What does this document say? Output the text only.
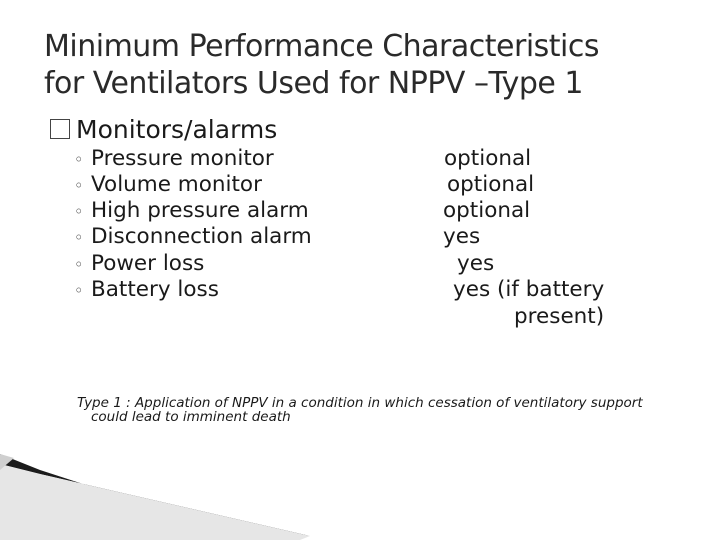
Minimum Performance Characteristics
for Ventilators Used for NPPV –Type 1
Monitors/alarms
◦ Pressure monitor
◦ Volume monitor
◦ High pressure alarm
◦ Disconnection alarm
◦ Power loss
◦ Battery loss
optional
optional
optional
yes
yes
yes (if battery
present)
Type 1 : Application of NPPV in a condition in which cessation of ventilatory support
could lead to imminent death
